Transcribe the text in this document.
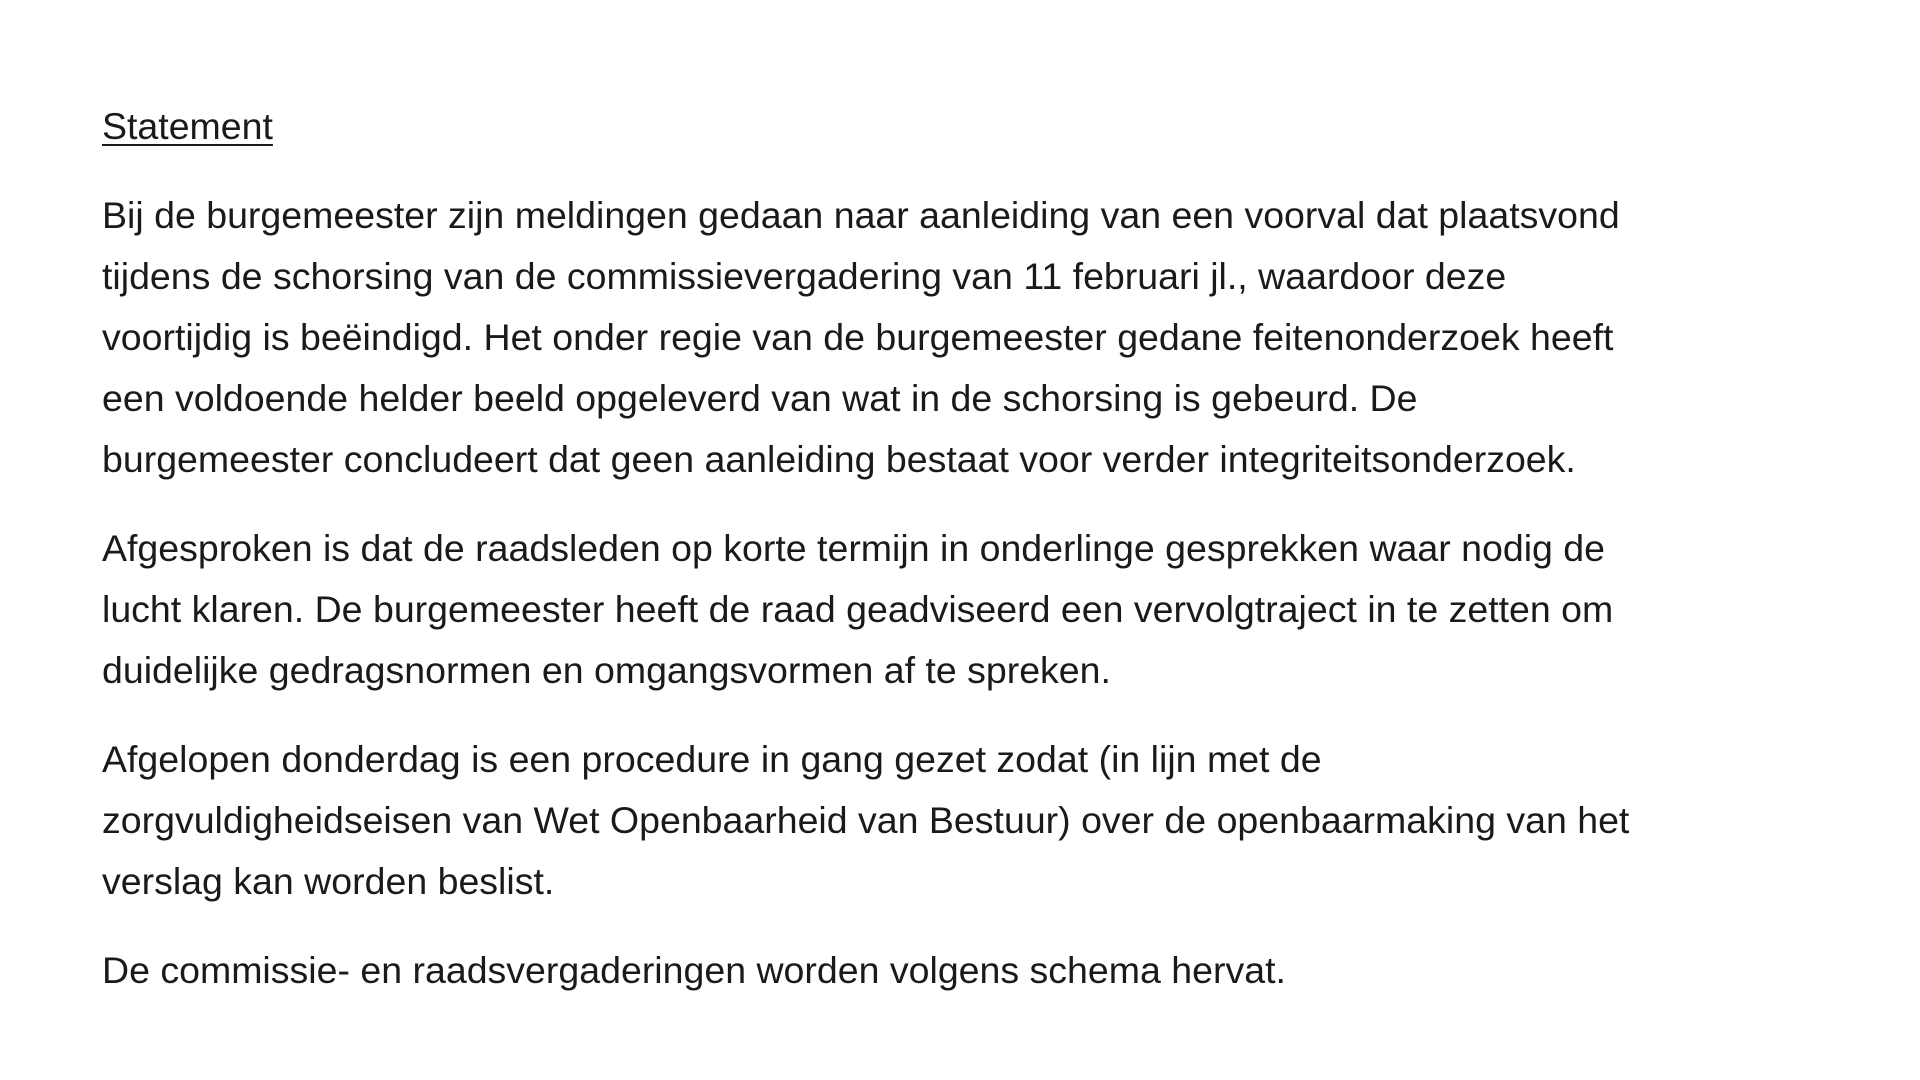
Statement

Bij de burgemeester zijn meldingen gedaan naar aanleiding van een voorval dat plaatsvond
tijdens de schorsing van de commissievergadering van 11 februari jl., waardoor deze
voortijdig is beëindigd. Het onder regie van de burgemeester gedane feitenonderzoek heeft
een voldoende helder beeld opgeleverd van wat in de schorsing is gebeurd. De
burgemeester concludeert dat geen aanleiding bestaat voor verder integriteitsonderzoek.

Afgesproken is dat de raadsleden op korte termijn in onderlinge gesprekken waar nodig de
lucht klaren. De burgemeester heeft de raad geadviseerd een vervolgtraject in te zetten om
duidelijke gedragsnormen en omgangsvormen af te spreken.

Afgelopen donderdag is een procedure in gang gezet zodat (in lijn met de
zorgvuldigheidseisen van Wet Openbaarheid van Bestuur) over de openbaarmaking van het
verslag kan worden beslist.

De commissie- en raadsvergaderingen worden volgens schema hervat.
